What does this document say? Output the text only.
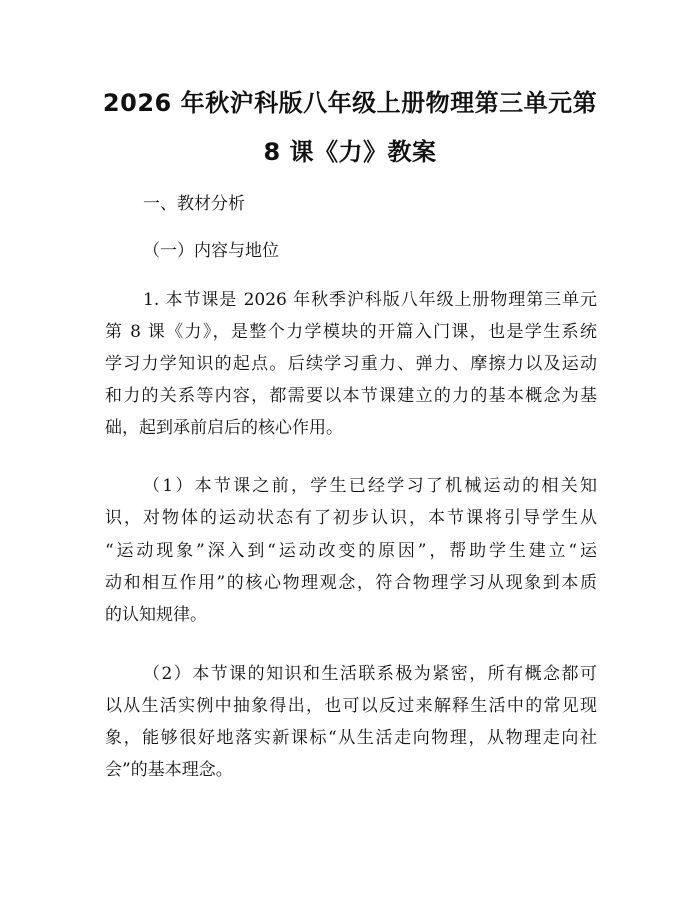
2026 年秋沪科版八年级上册物理第三单元第
8 课《力》教案

一、教材分析

（一）内容与地位

1. 本节课是 2026 年秋季沪科版八年级上册物理第三单元

第 8 课《力》，是整个力学模块的开篇入门课，也是学生系统

学习力学知识的起点。后续学习重力、弹力、摩擦力以及运动

和力的关系等内容，都需要以本节课建立的力的基本概念为基

础，起到承前启后的核心作用。

（1）本节课之前，学生已经学习了机械运动的相关知

识，对物体的运动状态有了初步认识，本节课将引导学生从

“运动现象”深入到“运动改变的原因”，帮助学生建立“运

动和相互作用”的核心物理观念，符合物理学习从现象到本质

的认知规律。

（2）本节课的知识和生活联系极为紧密，所有概念都可

以从生活实例中抽象得出，也可以反过来解释生活中的常见现

象，能够很好地落实新课标“从生活走向物理，从物理走向社

会”的基本理念。
